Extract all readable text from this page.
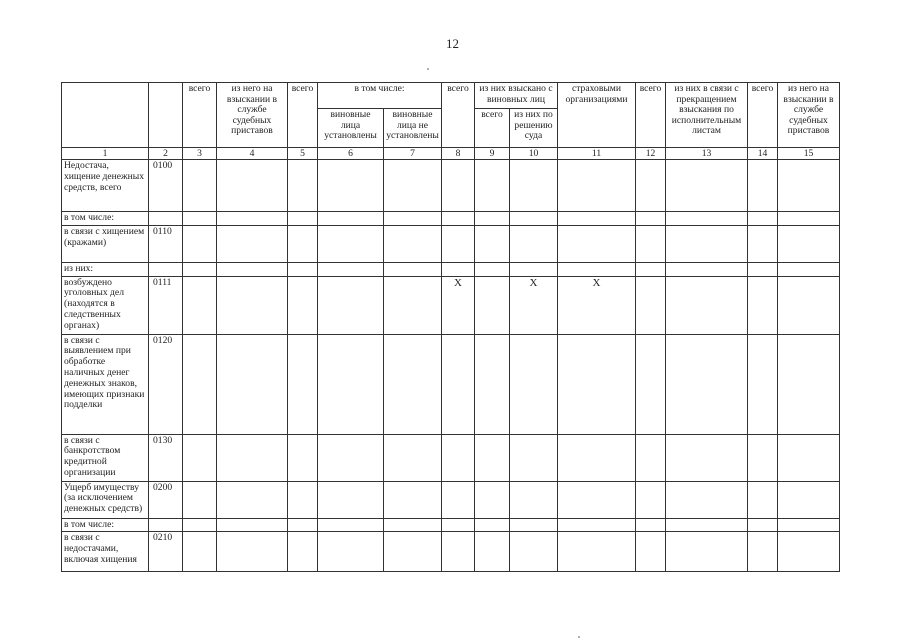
12
		всего	из него на взыскании в службе судебных приставов	всего	в том числе:		всего	из них взыскано с виновных лиц		страховыми организациями	всего	из них в связи с прекращением взыскания по исполнительным листам	всего	из него на взыскании в службе судебных приставов
					виновные лица установлены	виновные лица не установлены		всего	из них по решению суда					
1	2	3	4	5	6	7	8	9	10	11	12	13	14	15
Недостача, хищение денежных средств, всего	0100													
в том числе:														
в связи с хищением (кражами)	0110													
из них:														
возбуждено уголовных дел (находятся в следственных органах)	0111						Х		Х	Х				
в связи с выявлением при обработке наличных денег денежных знаков, имеющих признаки подделки	0120													
в связи с банкротством кредитной организации	0130													
Ущерб имуществу (за исключением денежных средств)	0200													
в том числе:														
в связи с недостачами, включая хищения	0210													
